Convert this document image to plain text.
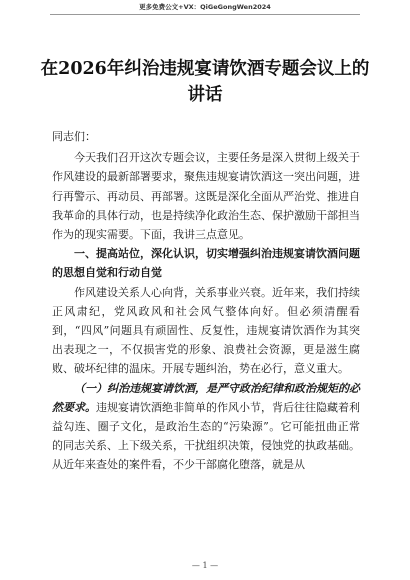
更多免费公文+VX：QiGeGongWen2024
在2026年纠治违规宴请饮酒专题会议上的讲话

同志们：

今天我们召开这次专题会议，主要任务是深入贯彻上级关于作风建设的最新部署要求，聚焦违规宴请饮酒这一突出问题，进行再警示、再动员、再部署。这既是深化全面从严治党、推进自我革命的具体行动，也是持续净化政治生态、保护激励干部担当作为的现实需要。下面，我讲三点意见。

一、提高站位，深化认识，切实增强纠治违规宴请饮酒问题的思想自觉和行动自觉

作风建设关系人心向背，关系事业兴衰。近年来，我们持续正风肃纪，党风政风和社会风气整体向好。但必须清醒看到，“四风”问题具有顽固性、反复性，违规宴请饮酒作为其突出表现之一，不仅损害党的形象、浪费社会资源，更是滋生腐败、破坏纪律的温床。开展专题纠治，势在必行，意义重大。

（一）纠治违规宴请饮酒，是严守政治纪律和政治规矩的必然要求。违规宴请饮酒绝非简单的作风小节，背后往往隐藏着利益勾连、圈子文化，是政治生态的“污染源”。它可能扭曲正常的同志关系、上下级关系，干扰组织决策，侵蚀党的执政基础。从近年来查处的案件看，不少干部腐化堕落，就是从

— 1 —
